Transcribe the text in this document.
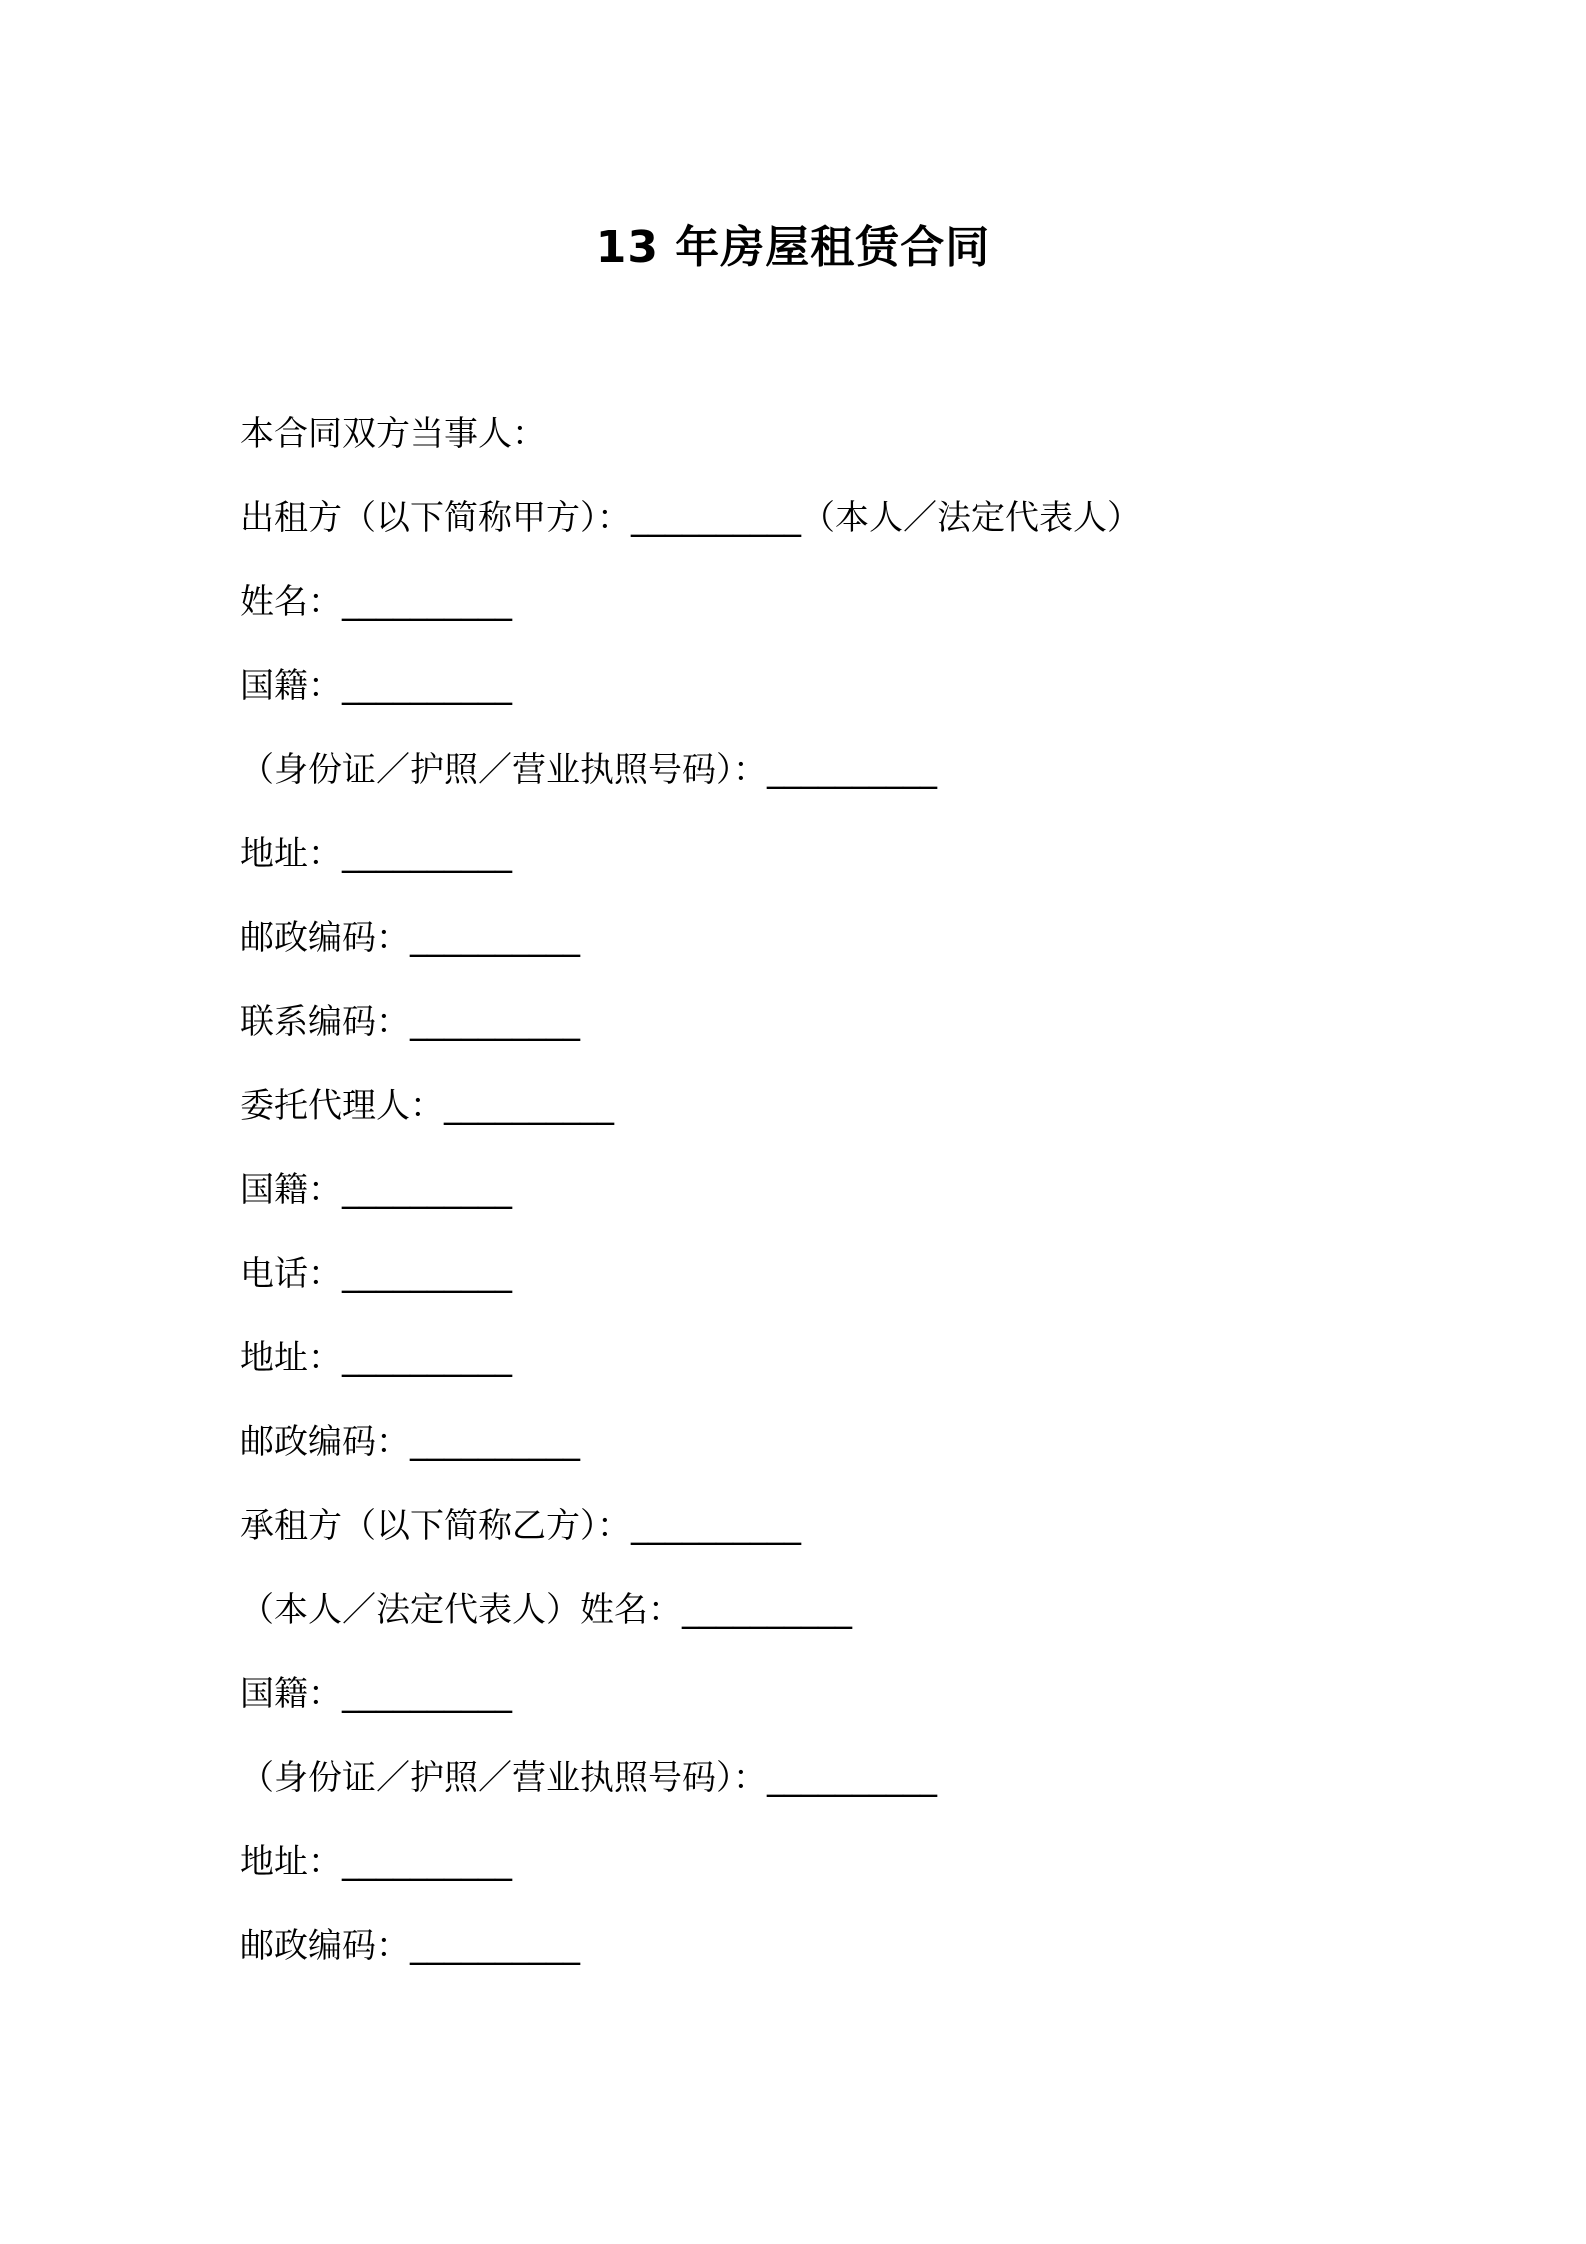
13 年房屋租赁合同
本合同双方当事人：
出租方（以下简称甲方）：__________（本人／法定代表人）
姓名：__________
国籍：__________
（身份证／护照／营业执照号码）：__________
地址：__________
邮政编码：__________
联系编码：__________
委托代理人：__________
国籍：__________
电话：__________
地址：__________
邮政编码：__________
承租方（以下简称乙方）：__________
（本人／法定代表人）姓名：__________
国籍：__________
（身份证／护照／营业执照号码）：__________
地址：__________
邮政编码：__________
